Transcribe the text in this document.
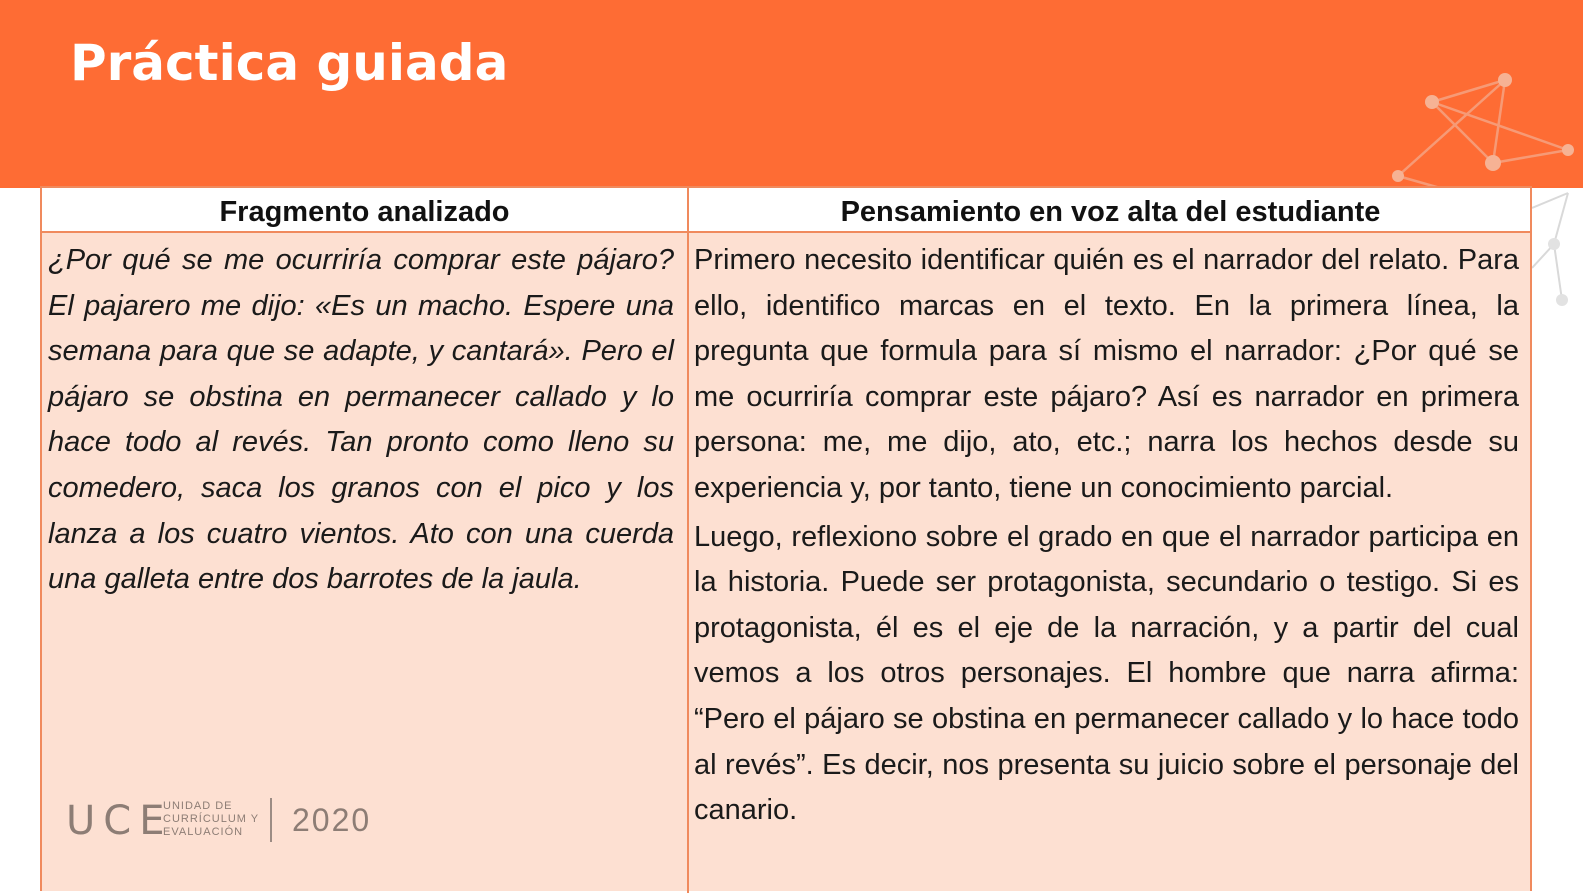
Práctica guiada
Fragmento analizado	Pensamiento en voz alta del estudiante
¿Por qué se me ocurriría comprar este pájaro? El pajarero me dijo: «Es un macho. Espere una semana para que se adapte, y cantará». Pero el pájaro se obstina en permanecer callado y lo hace todo al revés. Tan pronto como lleno su comedero, saca los granos con el pico y los lanza a los cuatro vientos. Ato con una cuerda una galleta entre dos barrotes de la jaula.

Primero necesito identificar quién es el narrador del relato. Para ello, identifico marcas en el texto. En la primera línea, la pregunta que formula para sí mismo el narrador: ¿Por qué se me ocurriría comprar este pájaro? Así es narrador en primera persona: me, me dijo, ato, etc.; narra los hechos desde su experiencia y, por tanto, tiene un conocimiento parcial.

Luego, reflexiono sobre el grado en que el narrador participa en la historia. Puede ser protagonista, secundario o testigo. Si es protagonista, él es el eje de la narración, y a partir del cual vemos a los otros personajes. El hombre que narra afirma: “Pero el pájaro se obstina en permanecer callado y lo hace todo al revés”. Es decir, nos presenta su juicio sobre el personaje del canario.

UCE
UNIDAD DE
CURRÍCULUM Y
EVALUACIÓN	2020
